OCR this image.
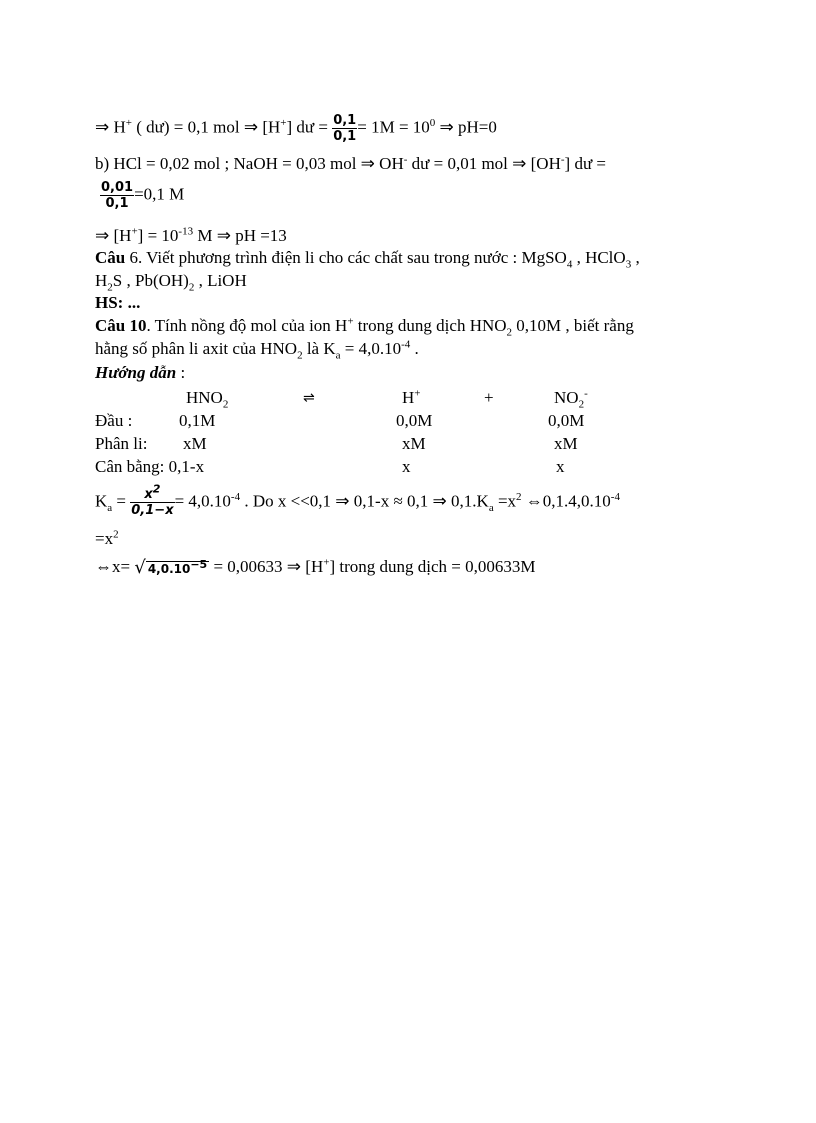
⇒ H+ ( dư) = 0,1 mol ⇒ [H+] dư = $\frac{0,1}{0,1} = 1M = 10^0$ ⇒ pH=0
b) HCl = 0,02 mol ; NaOH = 0,03 mol ⇒ OH- dư = 0,01 mol ⇒ [OH-] dư =
$\frac{0,01}{0,1} =0,1$ M
⇒ $[H^+] = 10^{-13}$ M ⇒ pH =13
Câu 6. Viết phương trình điện li cho các chất sau trong nước : MgSO$_4$ , HClO$_3$ ,
$H_2S$ , $Pb(OH)_2$ , LiOH
HS: ...
Câu 10. Tính nồng độ mol của ion H+ trong dung dịch $HNO_2$ 0,10M , biết rằng
hằng số phân li axit của $HNO_2$ là $K_a = 4,0.10^{-4}$ .
Hướng dẫn :
$HNO_2$	⇌	H+	+	$NO_2^-$
Đầu :	0,1M	0,0M	0,0M
Phân li: xM	xM	xM
Cân bằng: 0,1-x	x	x
$K_a = \frac{x^2}{0,1-x} = 4,0.10^{-4}$ . Do x <<0,1 ⇒ 0,1-x ≈ 0,1 ⇒ $0,1.K_a =x^2$ $\Leftrightarrow 0,1.4,0.10^{-4}$
$=x^2$
⇔x= √ $4,0.10^{-5} = 0,00633$ ⇒ [H+] trong dung dịch = 0,00633M
